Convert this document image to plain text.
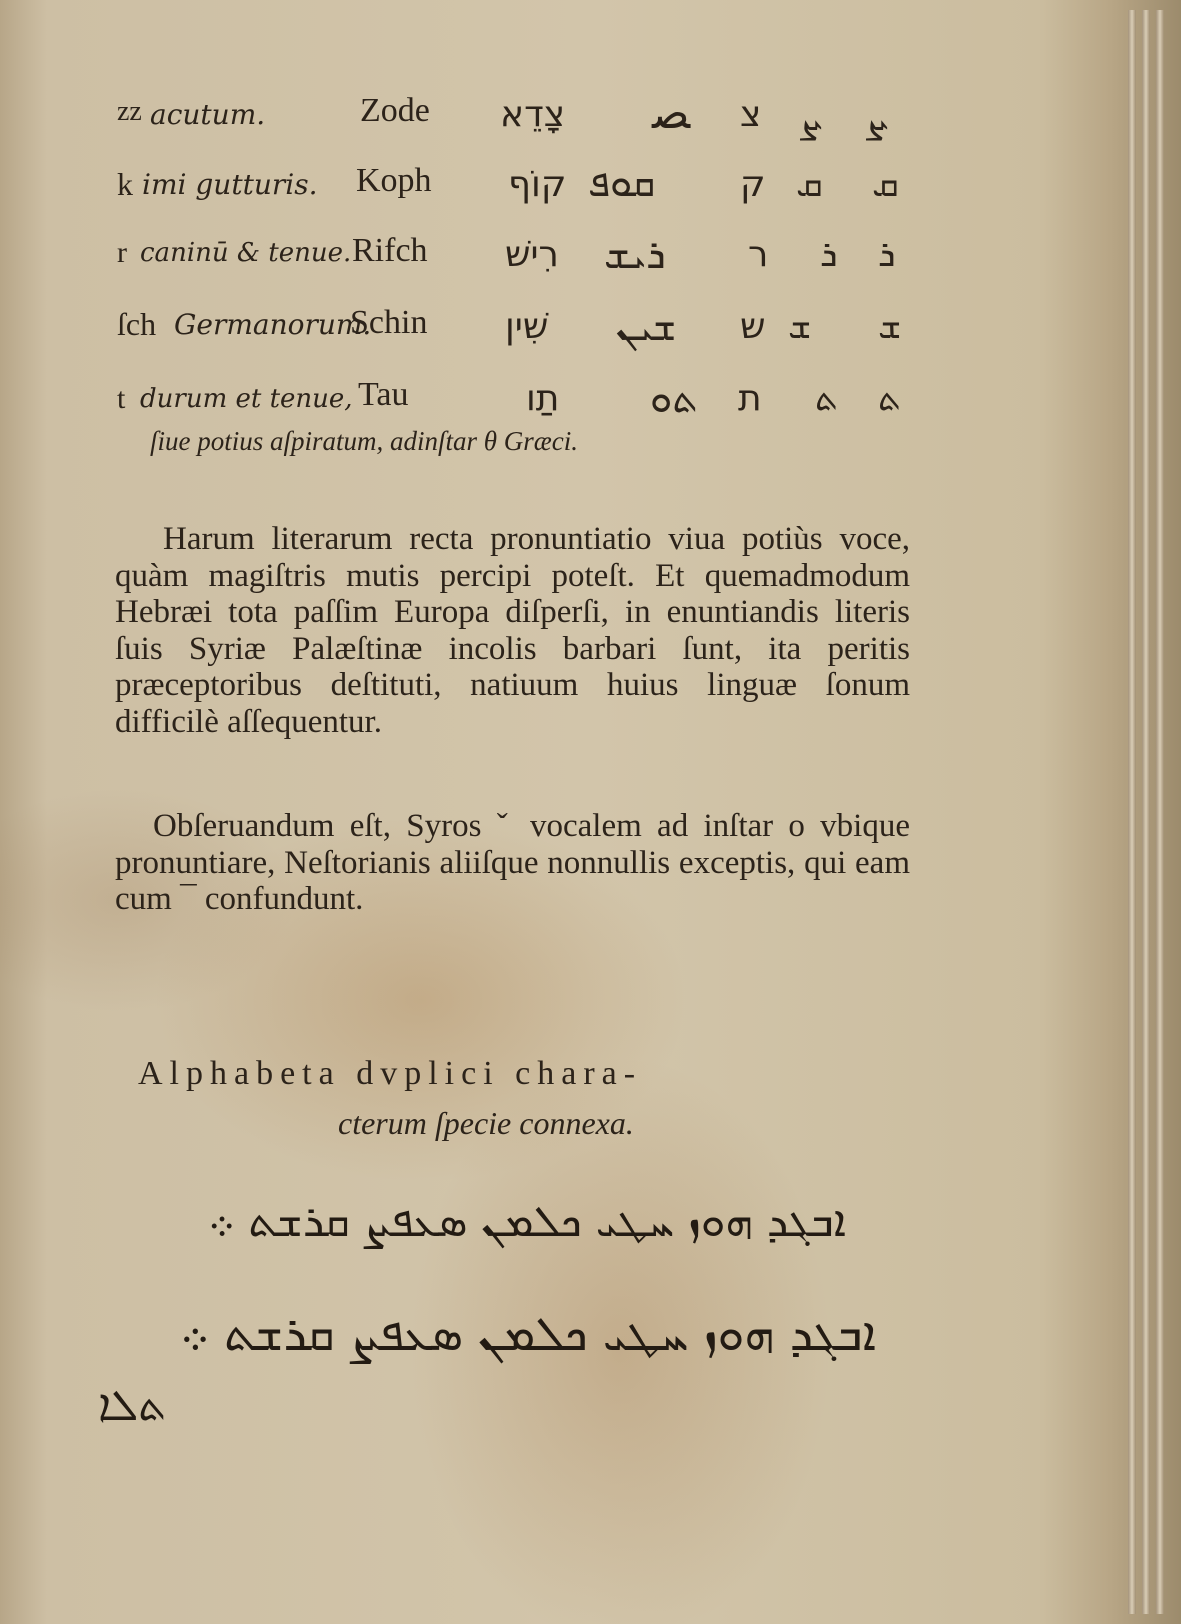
zz acutum.	Zode צָדֵא ﺼ צ ܨ ܨ
k imi gutturis. Koph קוֹף ܩܘܦ ק ܩ ܩ
r caninū & tenue. Rifch רִישׁ ܪܝܫ ר ܪ ܪ
ſch Germanorum.
Schin שִׁין ܫܝܢ ש ܫ ܫ
t durum et tenue, Tau	תַו ܬܘ ת ܬ ܬ
ſiue potius aſpiratum, adinſtar θ Græci.
Harum literarum recta pronuntiatio viua potiùs voce, quàm magiſtris mutis percipi poteſt. Et quemadmodum Hebræi tota paſſim Europa diſperſi, in enuntiandis literis ſuis Syriæ Palæſtinæ incolis barbari ſunt, ita peritis præceptoribus deſtituti, natiuum huius linguæ ſonum difficilè aſſequentur.
Obſeruandum eſt, Syros ˇ vocalem ad inſtar o vbique pronuntiare, Neſtorianis aliiſque nonnullis exceptis, qui eam cum ¯ confundunt.
Alphabeta dvplici chara-
cterum ſpecie connexa.
ܐܒܓܕ ܗܘܙ ܚܛܝ ܟܠܡܢ ܣܥܦܨ ܩܪܫܬ ܀
ܐܒܓܕ ܗܘܙ ܚܛܝ ܟܠܡܢ ܣܥܦܨ ܩܪܫܬ ܀
ܬܠܐ
